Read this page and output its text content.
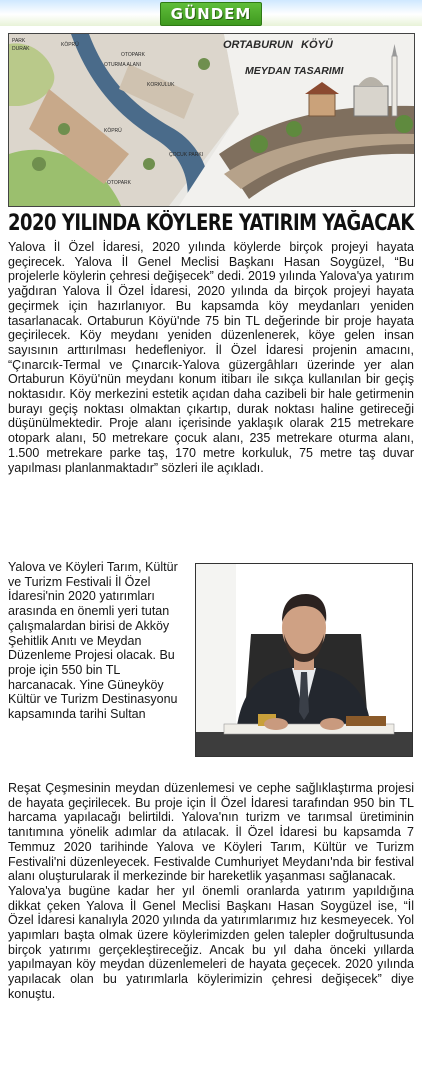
GÜNDEM
ORTABURUN KÖYÜ
MEYDAN TASARIMI
KÖPRÜ
PARK
DURAK
OTOPARK
OTURMA ALANI
KORKULUK
KÖPRÜ
ÇOCUK PARKI
OTOPARK
2020 YILINDA KÖYLERE YATIRIM YAĞACAK

Yalova İl Özel İdaresi, 2020 yılında köylerde birçok projeyi hayata geçirecek. Yalova İl Genel Meclisi Başkanı Hasan Soygüzel, “Bu projelerle köylerin çehresi değişecek” dedi. 2019 yılında Yalova'ya yatırım yağdıran Yalova İl Özel İdaresi, 2020 yılında da birçok projeyi hayata geçirmek için hazırlanıyor. Bu kapsamda köy meydanları yeniden tasarlanacak. Ortaburun Köyü'nde 75 bin TL değerinde bir proje hayata geçirilecek. Köy meydanı yeniden düzenlenerek, köye gelen insan sayısının arttırılması hedefleniyor. İl Özel İdaresi projenin amacını, “Çınarcık-Termal ve Çınarcık-Yalova güzergâhları üzerinde yer alan Ortaburun Köyü'nün meydanı konum itibarı ile sıkça kullanılan bir geçiş noktasıdır. Köy merkezini estetik açıdan daha cazibeli bir hale getirmenin burayı geçiş noktası olmaktan çıkartıp, durak noktası haline getireceği düşünülmektedir. Proje alanı içerisinde yaklaşık olarak 215 metrekare otopark alanı, 50 metrekare çocuk alanı, 235 metrekare oturma alanı, 1.500 metrekare parke taş, 170 metre korkuluk, 75 metre taş duvar yapılması planlanmaktadır” sözleri ile açıkladı.

Yalova ve Köyleri Tarım, Kültür ve Turizm Festivali İl Özel İdaresi'nin 2020 yatırımları arasında en önemli yeri tutan çalışmalardan birisi de Akköy Şehitlik Anıtı ve Meydan Düzenleme Projesi olacak. Bu proje için 550 bin TL harcanacak. Yine Güneyköy Kültür ve Turizm Destinasyonu kapsamında tarihi Sultan

Reşat Çeşmesinin meydan düzenlemesi ve cephe sağlıklaştırma projesi de hayata geçirilecek. Bu proje için İl Özel İdaresi tarafından 950 bin TL harcama yapılacağı belirtildi. Yalova'nın turizm ve tarımsal üretiminin tanıtımına yönelik adımlar da atılacak. İl Özel İdaresi bu kapsamda 7 Temmuz 2020 tarihinde Yalova ve Köyleri Tarım, Kültür ve Turizm Festivali'ni düzenleyecek. Festivalde Cumhuriyet Meydanı'nda bir festival alanı oluşturularak il merkezinde bir hareketlik yaşanması sağlanacak.

Yalova'ya bugüne kadar her yıl önemli oranlarda yatırım yapıldığına dikkat çeken Yalova İl Genel Meclisi Başkanı Hasan Soygüzel ise, “İl Özel İdaresi kanalıyla 2020 yılında da yatırımlarımız hız kesmeyecek. Yol yapımları başta olmak üzere köylerimizden gelen talepler doğrultusunda birçok yatırımı gerçekleştireceğiz. Ancak bu yıl daha önceki yıllarda yapılmayan köy meydan düzenlemeleri de hayata geçecek. 2020 yılında yapılacak olan bu yatırımlarla köylerimizin çehresi değişecek” diye konuştu.
